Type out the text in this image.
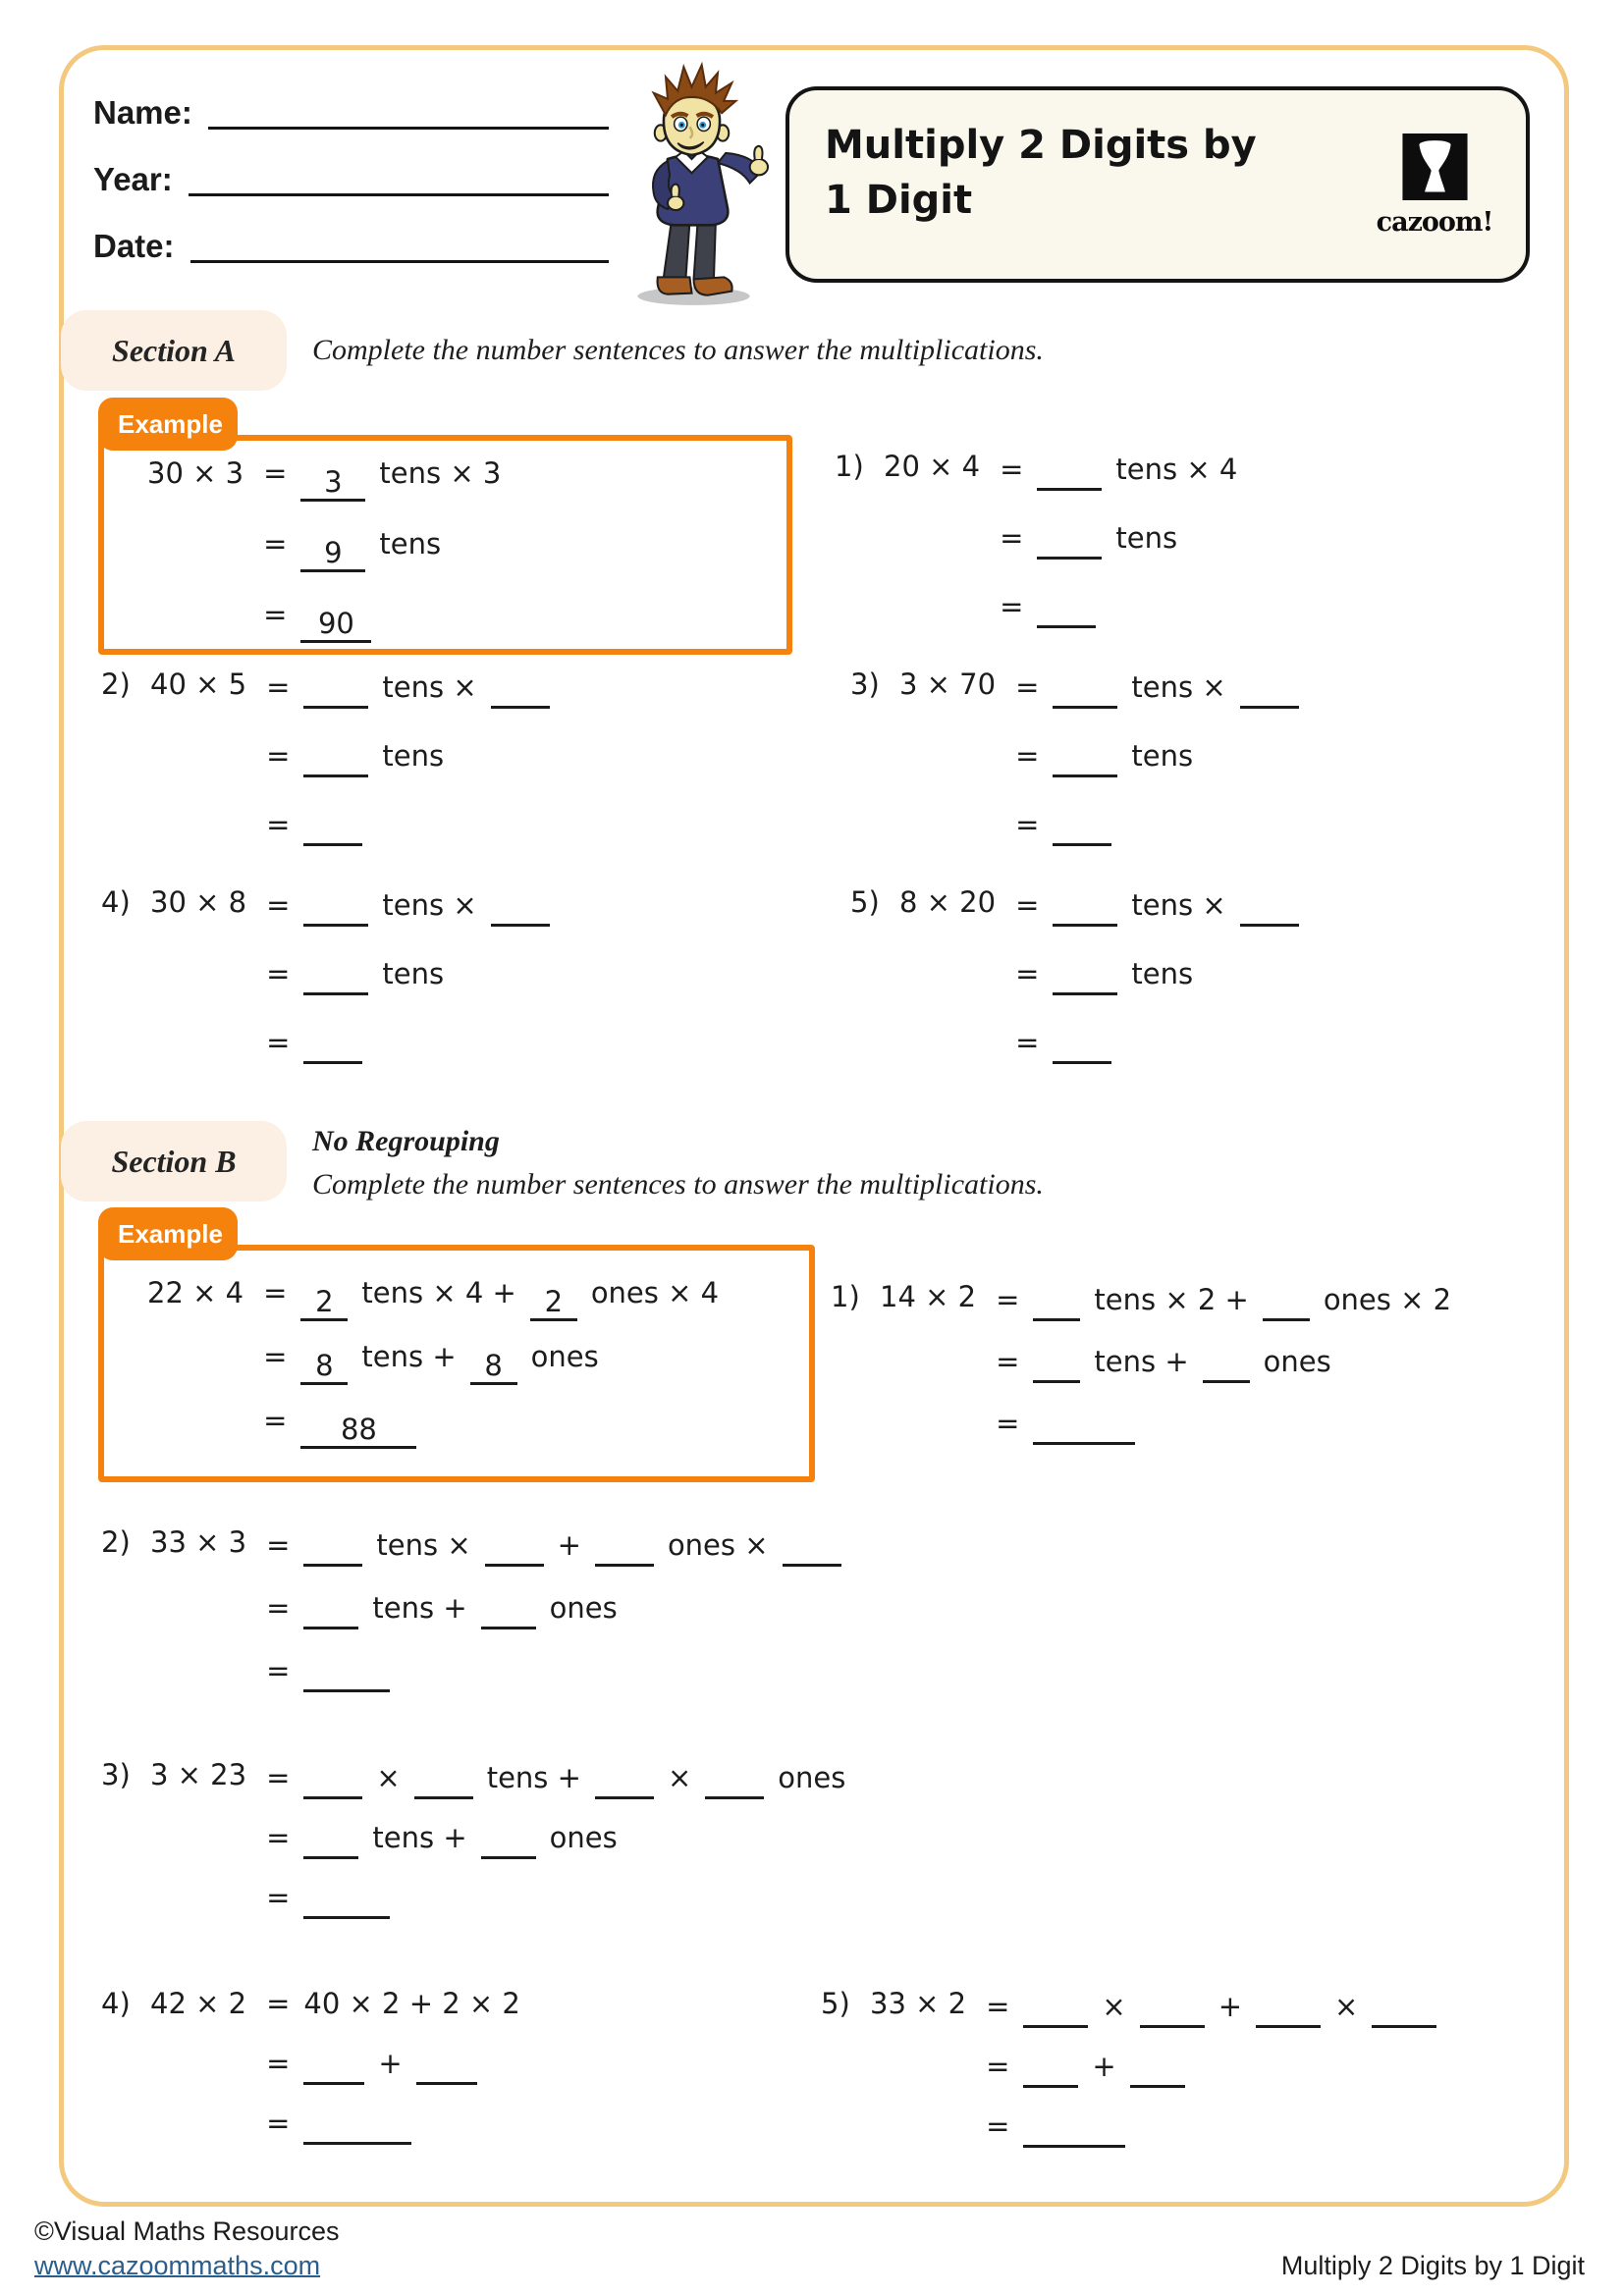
Name:
Year:
Date:
Multiply 2 Digits by
1 Digit	cazoom!
Section A	Complete the number sentences to answer the multiplications.
Example
30 × 3 = 3 tens × 3
= 9 tens
= 90
1) 20 × 4 =	tens × 4
=	tens
=
2) 40 × 5 =	tens ×
=	tens
=
3) 3 × 70 =	tens ×
=	tens
=
4) 30 × 8 =	tens ×
=	tens
=
5) 8 × 20 =	tens ×
=	tens
=
Section B
No Regrouping
Complete the number sentences to answer the multiplications.
Example
22 × 4 = 2 tens × 4 + 2 ones × 4
= 8 tens + 8 ones
= 88
1) 14 × 2 =	tens × 2 +	ones × 2
=	tens +	ones
=
2) 33 × 3 =	tens ×	+	ones ×
=	tens +	ones
=
3) 3 × 23 =	×	tens +	×	ones
=	tens +	ones
=
4) 42 × 2 = 40 × 2 + 2 × 2
=	+
=
5) 33 × 2 =	×	+	×
=	+
=
©Visual Maths Resources
www.cazoommaths.com	Multiply 2 Digits by 1 Digit
